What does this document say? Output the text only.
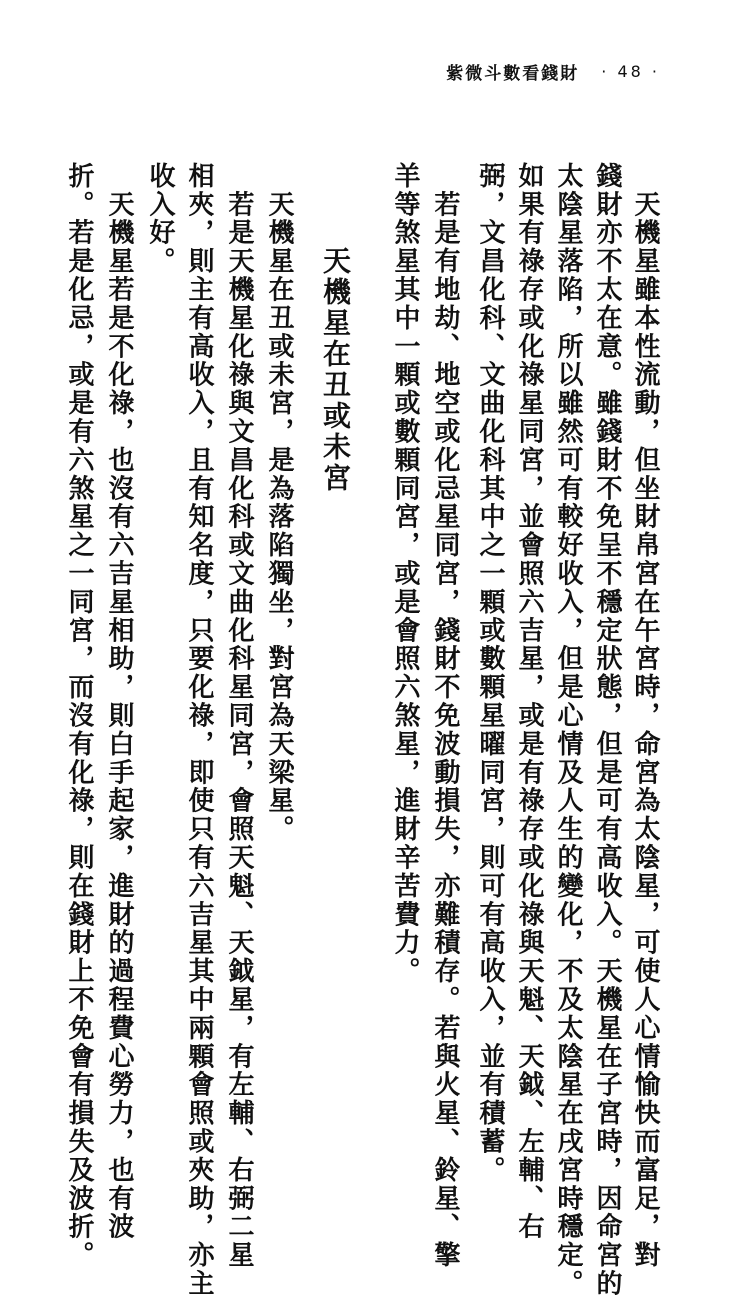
紫微斗數看錢財 · 48 ·
　天機星雖本性流動，但坐財帛宮在午宮時，命宮為太陰星，可使人心情愉快而富足，對
錢財亦不太在意。雖錢財不免呈不穩定狀態，但是可有高收入。天機星在子宮時，因命宮的
太陰星落陷，所以雖然可有較好收入，但是心情及人生的變化，不及太陰星在戌宮時穩定。
如果有祿存或化祿星同宮，並會照六吉星，或是有祿存或化祿與天魁、天鉞、左輔、右
弼，文昌化科、文曲化科其中之一顆或數顆星曜同宮，則可有高收入，並有積蓄。
　若是有地劫、地空或化忌星同宮，錢財不免波動損失，亦難積存。若與火星、鈴星、擎
羊等煞星其中一顆或數顆同宮，或是會照六煞星，進財辛苦費力。
天機星在丑或未宮
　天機星在丑或未宮，是為落陷獨坐，對宮為天梁星。
　若是天機星化祿與文昌化科或文曲化科星同宮，會照天魁、天鉞星，有左輔、右弼二星
相夾，則主有高收入，且有知名度，只要化祿，即使只有六吉星其中兩顆會照或夾助，亦主
收入好。
　天機星若是不化祿，也沒有六吉星相助，則白手起家，進財的過程費心勞力，也有波
折。若是化忌，或是有六煞星之一同宮，而沒有化祿，則在錢財上不免會有損失及波折。
